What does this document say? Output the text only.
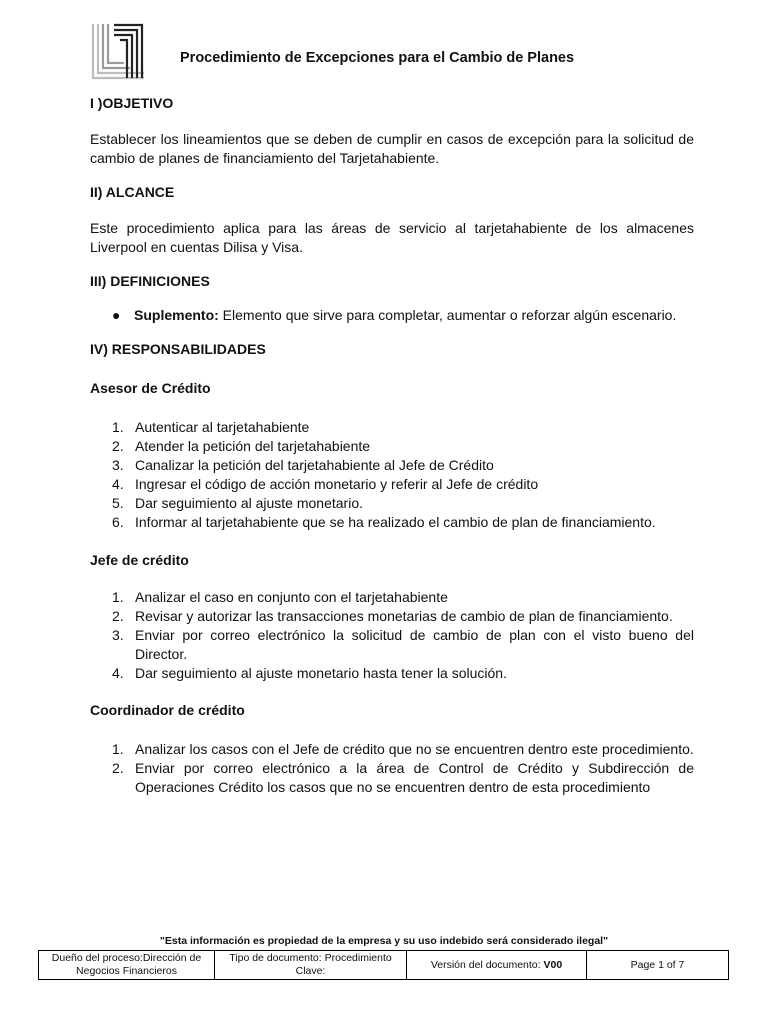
Procedimiento de Excepciones para el Cambio de Planes

I )OBJETIVO

Establecer los lineamientos que se deben de cumplir en casos de excepción para la solicitud de cambio de planes de financiamiento del Tarjetahabiente.

II) ALCANCE

Este procedimiento aplica para las áreas de servicio al tarjetahabiente de los almacenes Liverpool en cuentas Dilisa y Visa.

III) DEFINICIONES

● Suplemento: Elemento que sirve para completar, aumentar o reforzar algún escenario.

IV) RESPONSABILIDADES

Asesor de Crédito

1. Autenticar al tarjetahabiente
2. Atender la petición del tarjetahabiente
3. Canalizar la petición del tarjetahabiente al Jefe de Crédito
4. Ingresar el código de acción monetario y referir al Jefe de crédito
5. Dar seguimiento al ajuste monetario.
6. Informar al tarjetahabiente que se ha realizado el cambio de plan de financiamiento.

Jefe de crédito

1. Analizar el caso en conjunto con el tarjetahabiente
2. Revisar y autorizar las transacciones monetarias de cambio de plan de financiamiento.
3. Enviar por correo electrónico la solicitud de cambio de plan con el visto bueno del Director.
4. Dar seguimiento al ajuste monetario hasta tener la solución.

Coordinador de crédito

1. Analizar los casos con el Jefe de crédito que no se encuentren dentro este procedimiento.
2. Enviar por correo electrónico a la área de Control de Crédito y Subdirección de Operaciones Crédito los casos que no se encuentren dentro de esta procedimiento
"Esta información es propiedad de la empresa y su uso indebido será considerado ilegal"
Dueño del proceso:Dirección de Negocios Financieros	Tipo de documento: Procedimiento Clave:	Versión del documento: V00	Page 1 of 7
